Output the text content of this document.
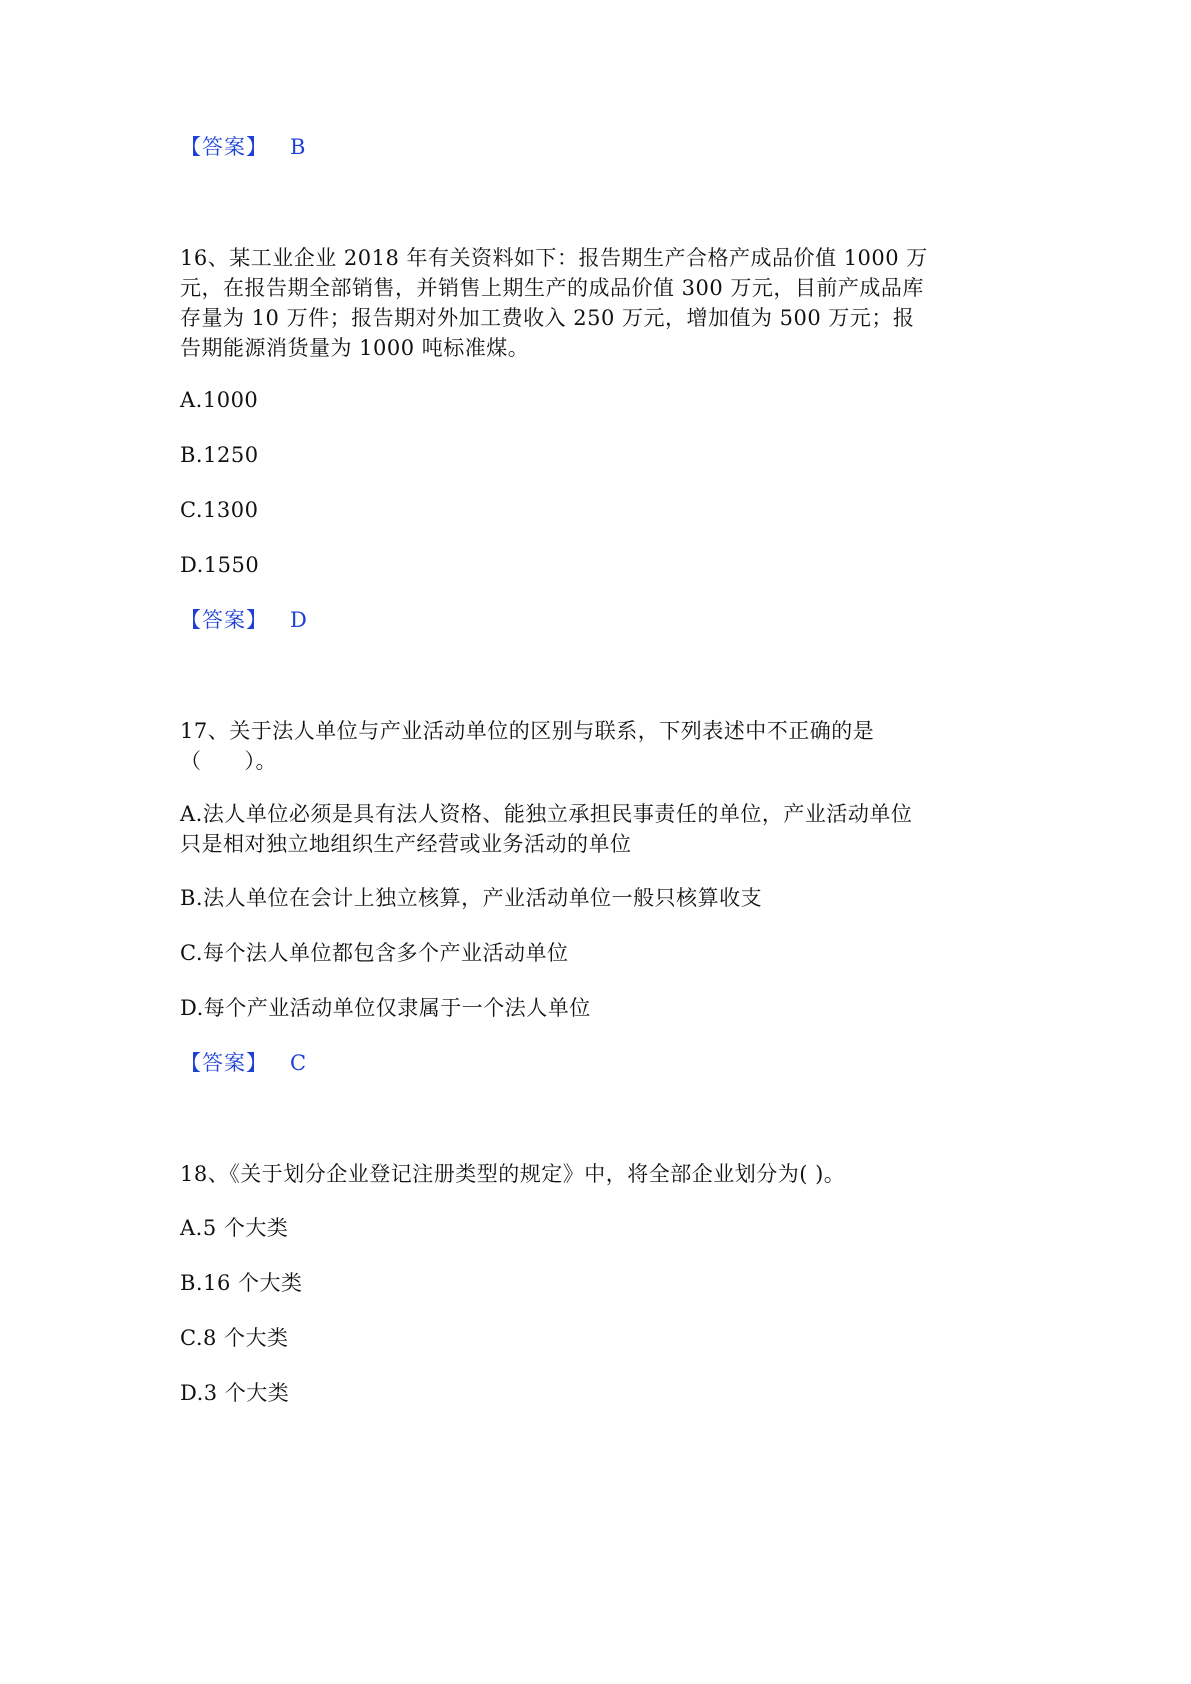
【答案】 B
16、某工业企业 2018 年有关资料如下：报告期生产合格产成品价值 1000 万
元，在报告期全部销售，并销售上期生产的成品价值 300 万元，目前产成品库
存量为 10 万件；报告期对外加工费收入 250 万元，增加值为 500 万元；报
告期能源消货量为 1000 吨标准煤。
A.1000
B.1250
C.1300
D.1550
【答案】 D
17、关于法人单位与产业活动单位的区别与联系，下列表述中不正确的是
（　　）。
A.法人单位必须是具有法人资格、能独立承担民事责任的单位，产业活动单位
只是相对独立地组织生产经营或业务活动的单位
B.法人单位在会计上独立核算，产业活动单位一般只核算收支
C.每个法人单位都包含多个产业活动单位
D.每个产业活动单位仅隶属于一个法人单位
【答案】 C
18、《关于划分企业登记注册类型的规定》中，将全部企业划分为( )。
A.5 个大类
B.16 个大类
C.8 个大类
D.3 个大类
